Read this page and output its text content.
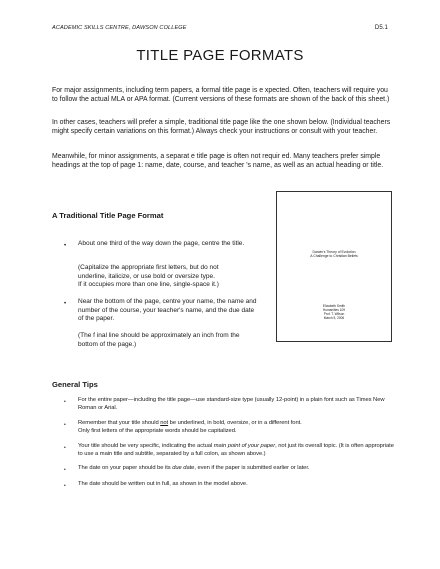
ACADEMIC SKILLS CENTRE, DAWSON COLLEGE	D5.1
TITLE PAGE FORMATS
For major assignments, including term papers, a formal title page is e xpected. Often, teachers will require you to follow the actual MLA or APA format. (Current versions of these formats are shown of the back of this sheet.)
In other cases, teachers will prefer a simple, traditional title page like the one shown below. (Individual teachers might specify certain variations on this format.) Always check your instructions or consult with your teacher.
Meanwhile, for minor assignments, a separat e title page is often not requir ed. Many teachers prefer simple headings at the top of page 1: name, date, course, and teacher 's name, as well as an actual heading or title.
A Traditional Title Page Format
• About one third of the way down the page, centre the title.
(Capitalize the appropriate first letters, but do not
underline, italicize, or use bold or oversize type.
If it occupies more than one line, single-space it.)
• Near the bottom of the page, centre your name, the name and number of the course, your teacher's name, and the due date of the paper.
(The f inal line should be approximately an inch from the bottom of the page.)
Darwin's Theory of Evolution
A Challenge to Christian Beliefs
Elizabeth Smith
Humanities 109
Prof. T. Wilson
March 5, 2006
General Tips
• For the entire paper—including the title page—use standard-size type (usually 12-point) in a plain font such as Times New Roman or Arial.
• Remember that your title should not be underlined, in bold, oversize, or in a different font.
Only first letters of the appropriate words should be capitalized.
• Your title should be very specific, indicating the actual main point of your paper, not just its overall topic. (It is often appropriate to use a main title and subtitle, separated by a full colon, as shown above.)
• The date on your paper should be its due date, even if the paper is submitted earlier or later.
• The date should be written out in full, as shown in the model above.
